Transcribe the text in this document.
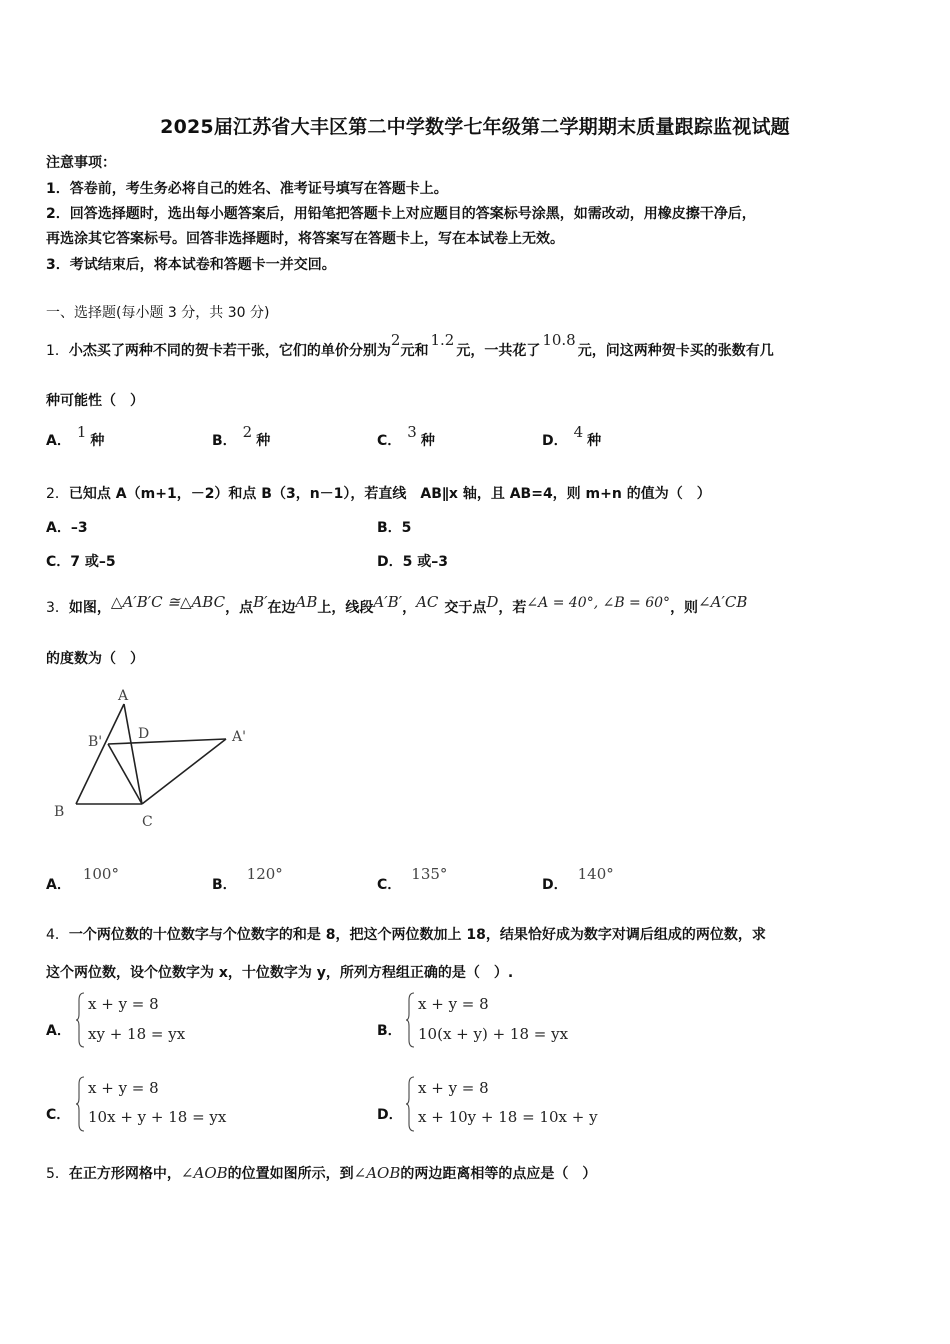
2025届江苏省大丰区第二中学数学七年级第二学期期末质量跟踪监视试题
注意事项：
1．答卷前，考生务必将自己的姓名、准考证号填写在答题卡上。
2．回答选择题时，选出每小题答案后，用铅笔把答题卡上对应题目的答案标号涂黑，如需改动，用橡皮擦干净后，
再选涂其它答案标号。回答非选择题时，将答案写在答题卡上，写在本试卷上无效。
3．考试结束后，将本试卷和答题卡一并交回。
一、选择题(每小题 3 分，共 30 分)
1．小杰买了两种不同的贺卡若干张，它们的单价分别为2元和1.2元，一共花了10.8元，问这两种贺卡买的张数有几
种可能性（　）
A． 1 种	B． 2 种	C． 3 种	D． 4 种
2．已知点 A（m+1，－2）和点 B（3，n－1），若直线　AB∥x 轴，且 AB=4，则 m+n 的值为（　）
A．–3	B．5
C．7 或–5	D．5 或–3
3．如图，△A′B′C ≅△ABC，点B′在边AB上，线段A′B′，AC 交于点D，若∠A = 40°, ∠B = 60°，则∠A′CB
的度数为（　）
A
B'	D	A'
B
C
A．100°
B．120°
C．135°
D．140°
4．一个两位数的十位数字与个位数字的和是 8，把这个两位数加上 18，结果恰好成为数字对调后组成的两位数，求
这个两位数，设个位数字为 x，十位数字为 y，所列方程组正确的是（　）.
A．
x + y = 8
xy + 18 = yx	B．
x + y = 8
10(x + y) + 18 = yx
C．
x + y = 8
10x + y + 18 = yx	D．
x + y = 8
x + 10y + 18 = 10x + y
5．在正方形网格中，∠AOB的位置如图所示，到∠AOB的两边距离相等的点应是（　）
